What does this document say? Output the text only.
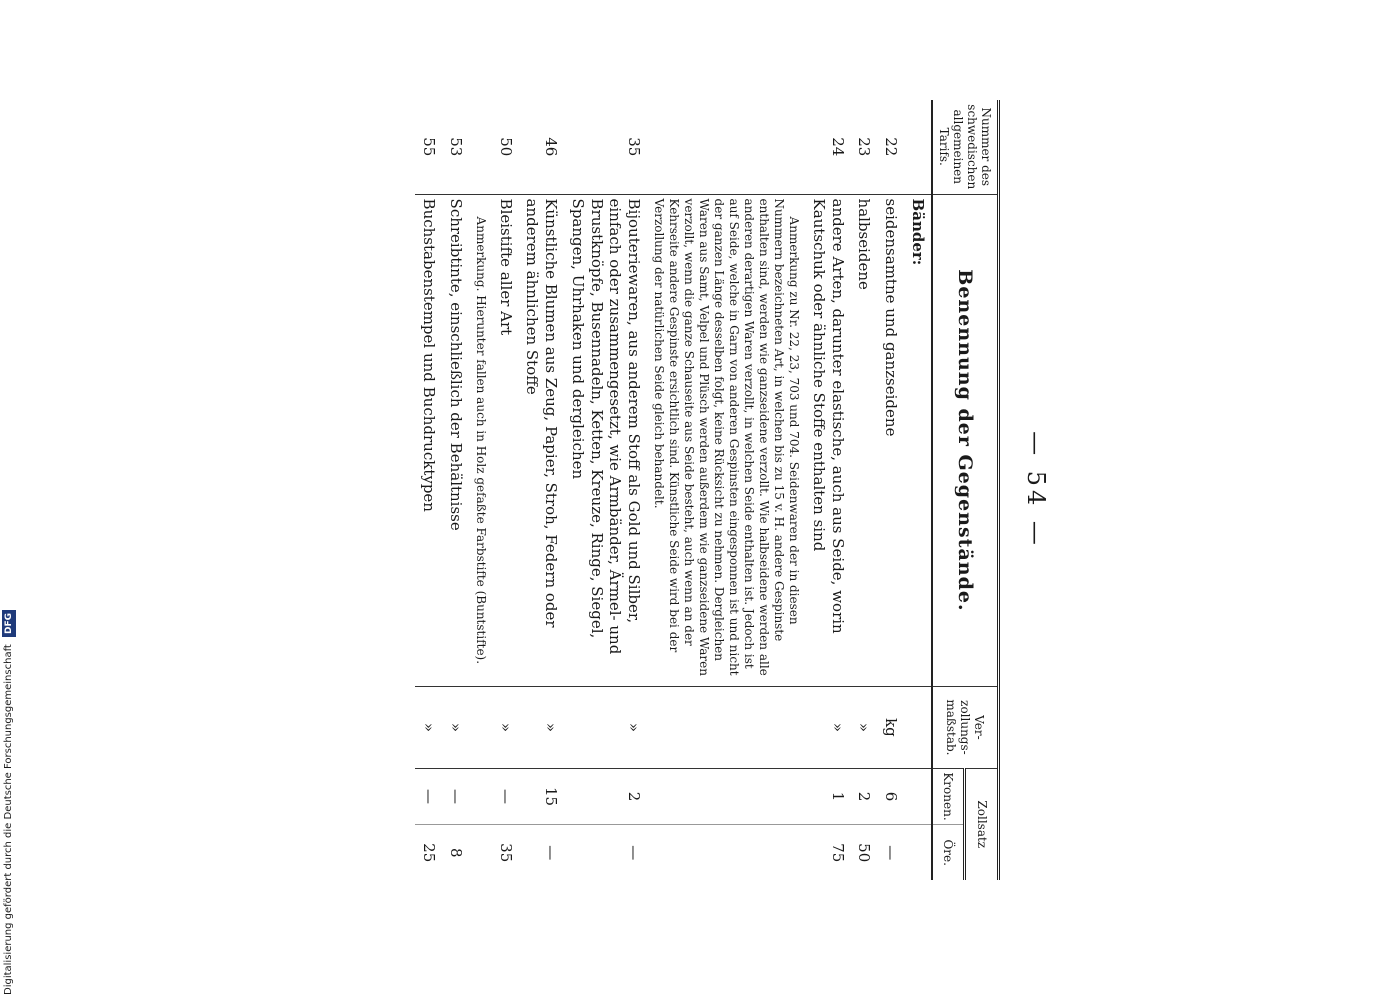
— 54 —
Nummer des schwedischen allgemeinen Tarifs.	Benennung der Gegenstände.	Ver- zollungs- maßstab.	Zollsatz	
			Kronen.	Öre.
	Bänder:			
22	seidensamtne und ganzseidene	kg	6	—
23	halbseidene	»	2	50
24	andere Arten, darunter elastische, auch aus Seide, worin Kautschuk oder ähnliche Stoffe enthalten sind	»	1	75
	Anmerkung zu Nr. 22, 23, 703 und 704. Seidenwaren der in diesen Nummern bezeichneten Art, in welchen bis zu 15 v. H. andere Gespinste enthalten sind, werden wie ganzseidene verzollt. Wie halbseidene werden alle anderen derartigen Waren verzollt, in welchen Seide enthalten ist. Jedoch ist auf Seide, welche in Garn von anderen Gespinsten eingesponnen ist und nicht der ganzen Länge desselben folgt, keine Rücksicht zu nehmen. Dergleichen Waren aus Samt, Velpel und Plüsch werden außerdem wie ganzseidene Waren verzollt, wenn die ganze Schauseite aus Seide besteht, auch wenn an der Kehrseite andere Gespinste ersichtlich sind. Künstliche Seide wird bei der Verzollung der natürlichen Seide gleich behandelt.			
35	Bijouteriewaren, aus anderem Stoff als Gold und Silber, einfach oder zusammengesetzt, wie Armbänder, Ärmel- und Brustknöpfe, Busennadeln, Ketten, Kreuze, Ringe, Siegel, Spangen, Uhrhaken und dergleichen	»	2	—
46	Künstliche Blumen aus Zeug, Papier, Stroh, Federn oder anderem ähnlichen Stoffe	»	15	—
50	Bleistifte aller Art	»	—	35
	Anmerkung. Hierunter fallen auch in Holz gefaßte Farbstifte (Buntstifte).			
53	Schreibtinte, einschließlich der Behältnisse	»	—	8
55	Buchstabenstempel und Buchdrucktypen	»	—	25
Digitalisierung gefördert durch die Deutsche Forschungsgemeinschaft DFG
